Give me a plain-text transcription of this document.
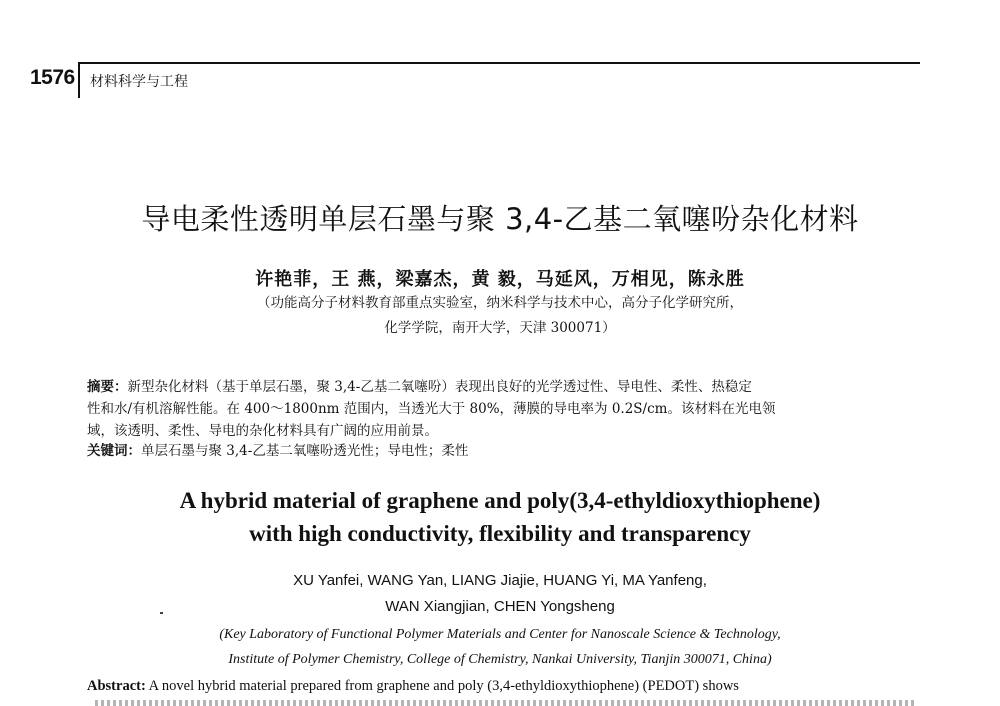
1576 材料科学与工程
导电柔性透明单层石墨与聚 3,4-乙基二氧噻吩杂化材料
许艳菲，王 燕，梁嘉杰，黄 毅，马延风，万相见，陈永胜
（功能高分子材料教育部重点实验室，纳米科学与技术中心，高分子化学研究所，
化学学院，南开大学，天津 300071）
摘要：新型杂化材料（基于单层石墨，聚 3,4-乙基二氧噻吩）表现出良好的光学透过性、导电性、柔性、热稳定
性和水/有机溶解性能。在 400～1800nm 范围内，当透光大于 80%，薄膜的导电率为 0.2S/cm。该材料在光电领
域，该透明、柔性、导电的杂化材料具有广阔的应用前景。
关键词：单层石墨与聚 3,4-乙基二氧噻吩透光性；导电性；柔性
A hybrid material of graphene and poly(3,4-ethyldioxythiophene)
with high conductivity, flexibility and transparency
XU Yanfei, WANG Yan, LIANG Jiajie, HUANG Yi, MA Yanfeng,
WAN Xiangjian, CHEN Yongsheng
(Key Laboratory of Functional Polymer Materials and Center for Nanoscale Science & Technology,
Institute of Polymer Chemistry, College of Chemistry, Nankai University, Tianjin 300071, China)
Abstract: A novel hybrid material prepared from graphene and poly (3,4-ethyldioxythiophene) (PEDOT) shows
